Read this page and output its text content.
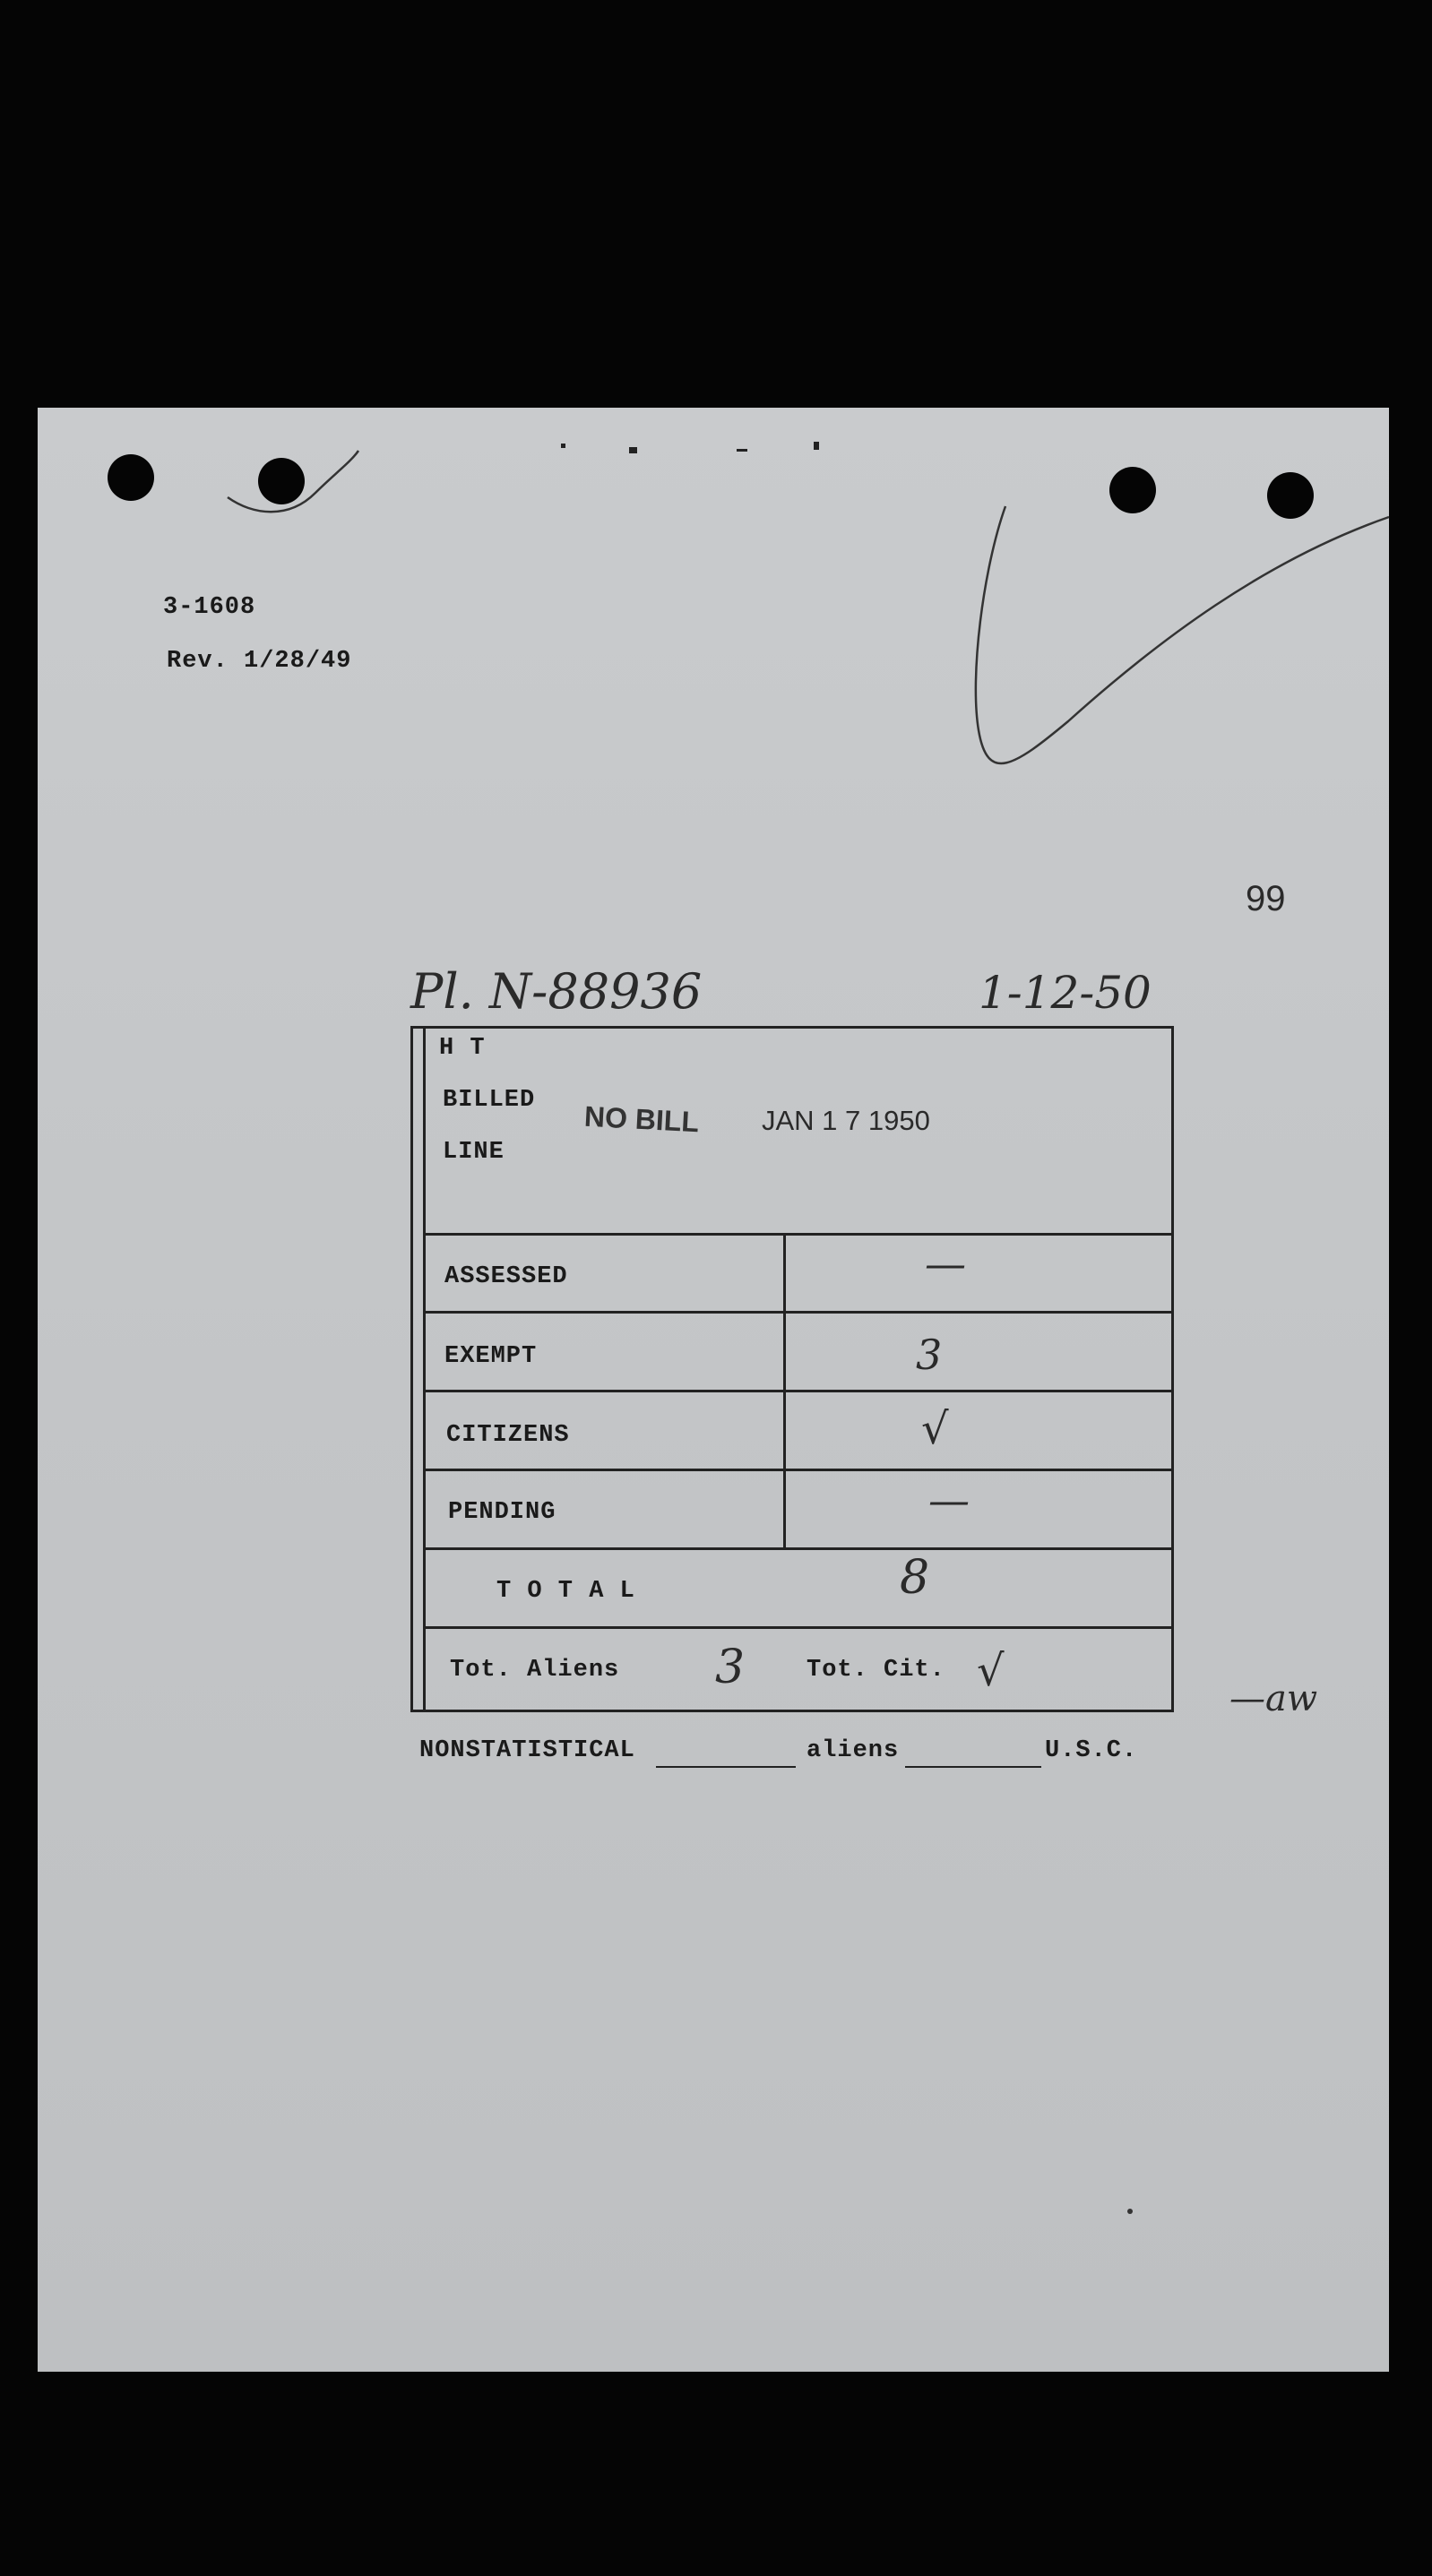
3-1608
Rev. 1/28/49
99
Pl. N-88936	1-12-50
H T
BILLED
LINE
NO BILL JAN 1 7 1950
ASSESSED	—
EXEMPT	3
CITIZENS	√
PENDING	—
T O T A L	8
Tot. Aliens 3	Tot. Cit. √
—aw
NONSTATISTICAL	aliens	U.S.C.
